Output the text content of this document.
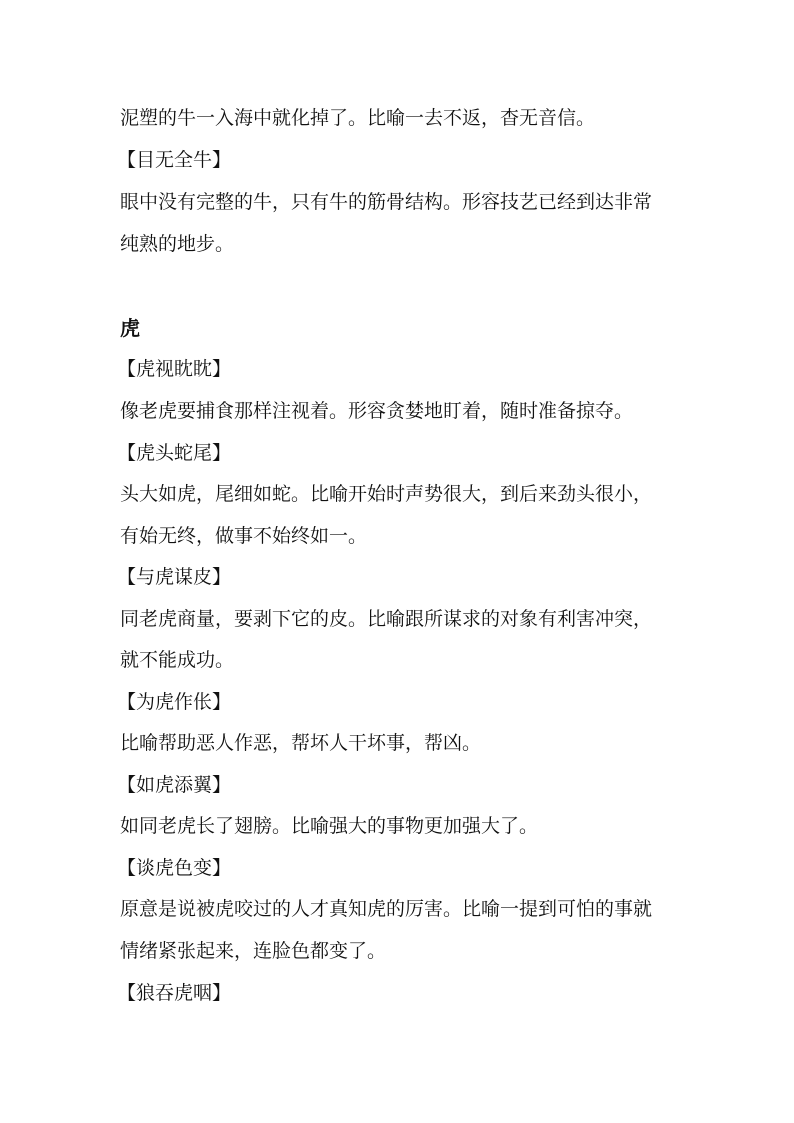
泥塑的牛一入海中就化掉了。比喻一去不返，杳无音信。
【目无全牛】
眼中没有完整的牛，只有牛的筋骨结构。形容技艺已经到达非常
纯熟的地步。
虎
【虎视眈眈】
像老虎要捕食那样注视着。形容贪婪地盯着，随时准备掠夺。
【虎头蛇尾】
头大如虎，尾细如蛇。比喻开始时声势很大，到后来劲头很小，
有始无终，做事不始终如一。
【与虎谋皮】
同老虎商量，要剥下它的皮。比喻跟所谋求的对象有利害冲突，
就不能成功。
【为虎作伥】
比喻帮助恶人作恶，帮坏人干坏事，帮凶。
【如虎添翼】
如同老虎长了翅膀。比喻强大的事物更加强大了。
【谈虎色变】
原意是说被虎咬过的人才真知虎的厉害。比喻一提到可怕的事就
情绪紧张起来，连脸色都变了。
【狼吞虎咽】
